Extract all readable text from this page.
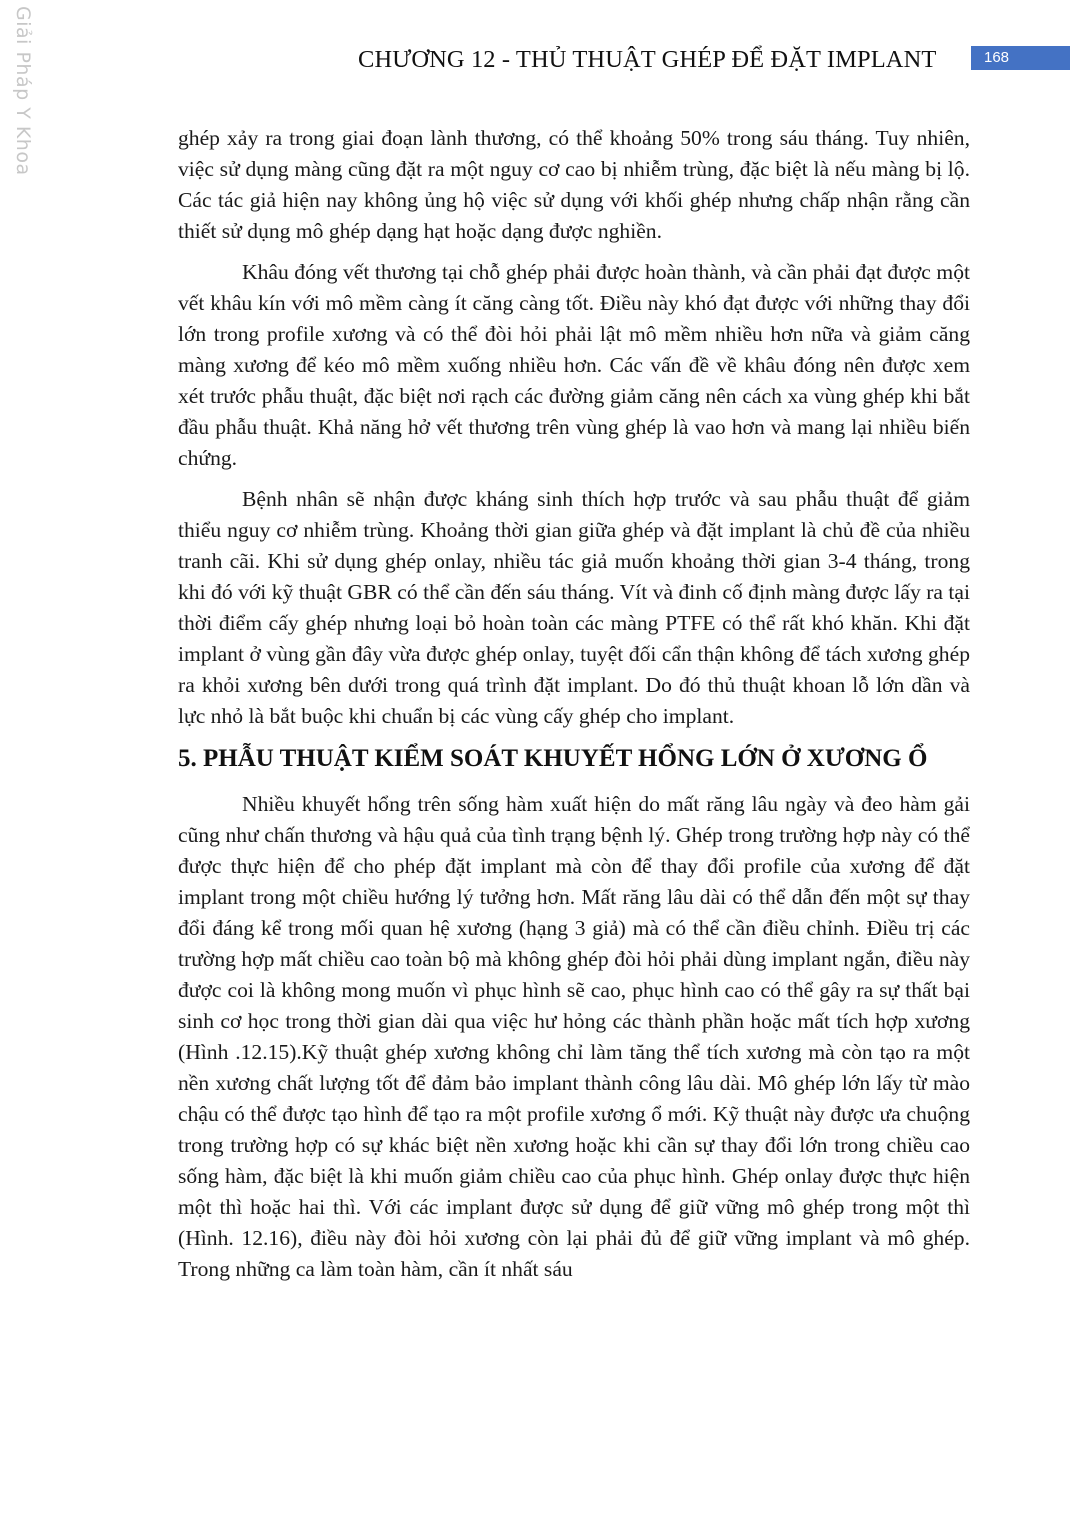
Giải Pháp Y Khoa	CHƯƠNG 12 - THỦ THUẬT GHÉP ĐỂ ĐẶT IMPLANT	168

ghép xảy ra trong giai đoạn lành thương, có thể khoảng 50% trong sáu tháng. Tuy nhiên, việc sử dụng màng cũng đặt ra một nguy cơ cao bị nhiễm trùng, đặc biệt là nếu màng bị lộ. Các tác giả hiện nay không ủng hộ việc sử dụng với khối ghép nhưng chấp nhận rằng cần thiết sử dụng mô ghép dạng hạt hoặc dạng được nghiền.

Khâu đóng vết thương tại chỗ ghép phải được hoàn thành, và cần phải đạt được một vết khâu kín với mô mềm càng ít căng càng tốt. Điều này khó đạt được với những thay đổi lớn trong profile xương và có thể đòi hỏi phải lật mô mềm nhiều hơn nữa và giảm căng màng xương để kéo mô mềm xuống nhiều hơn. Các vấn đề về khâu đóng nên được xem xét trước phẫu thuật, đặc biệt nơi rạch các đường giảm căng nên cách xa vùng ghép khi bắt đầu phẫu thuật. Khả năng hở vết thương trên vùng ghép là vao hơn và mang lại nhiều biến chứng.

Bệnh nhân sẽ nhận được kháng sinh thích hợp trước và sau phẫu thuật để giảm thiểu nguy cơ nhiễm trùng. Khoảng thời gian giữa ghép và đặt implant là chủ đề của nhiều tranh cãi. Khi sử dụng ghép onlay, nhiều tác giả muốn khoảng thời gian 3-4 tháng, trong khi đó với kỹ thuật GBR có thể cần đến sáu tháng. Vít và đinh cố định màng được lấy ra tại thời điểm cấy ghép nhưng loại bỏ hoàn toàn các màng PTFE có thể rất khó khăn. Khi đặt implant ở vùng gần đây vừa được ghép onlay, tuyệt đối cẩn thận không để tách xương ghép ra khỏi xương bên dưới trong quá trình đặt implant. Do đó thủ thuật khoan lỗ lớn dần và lực nhỏ là bắt buộc khi chuẩn bị các vùng cấy ghép cho implant.

5. PHẪU THUẬT KIỂM SOÁT KHUYẾT HỔNG LỚN Ở XƯƠNG Ổ

Nhiều khuyết hổng trên sống hàm xuất hiện do mất răng lâu ngày và đeo hàm gải cũng như chấn thương và hậu quả của tình trạng bệnh lý. Ghép trong trường hợp này có thể được thực hiện để cho phép đặt implant mà còn để thay đổi profile của xương để đặt implant trong một chiều hướng lý tưởng hơn. Mất răng lâu dài có thể dẫn đến một sự thay đổi đáng kể trong mối quan hệ xương (hạng 3 giả) mà có thể cần điều chỉnh. Điều trị các trường hợp mất chiều cao toàn bộ mà không ghép đòi hỏi phải dùng implant ngắn, điều này được coi là không mong muốn vì phục hình sẽ cao, phục hình cao có thể gây ra sự thất bại sinh cơ học trong thời gian dài qua việc hư hỏng các thành phần hoặc mất tích hợp xương (Hình .12.15).Kỹ thuật ghép xương không chỉ làm tăng thể tích xương mà còn tạo ra một nền xương chất lượng tốt để đảm bảo implant thành công lâu dài. Mô ghép lớn lấy từ mào chậu có thể được tạo hình để tạo ra một profile xương ổ mới. Kỹ thuật này được ưa chuộng trong trường hợp có sự khác biệt nền xương hoặc khi cần sự thay đổi lớn trong chiều cao sống hàm, đặc biệt là khi muốn giảm chiều cao của phục hình. Ghép onlay được thực hiện một thì hoặc hai thì. Với các implant được sử dụng để giữ vững mô ghép trong một thì (Hình. 12.16), điều này đòi hỏi xương còn lại phải đủ để giữ vững implant và mô ghép. Trong những ca làm toàn hàm, cần ít nhất sáu
